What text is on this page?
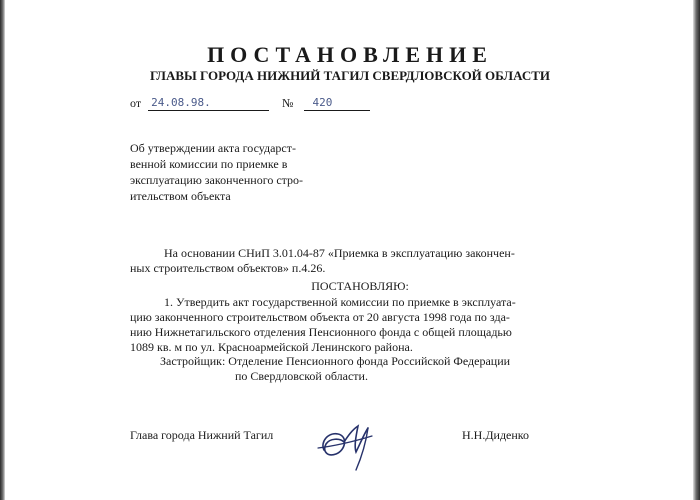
ПОСТАНОВЛЕНИЕ
ГЛАВЫ ГОРОДА НИЖНИЙ ТАГИЛ СВЕРДЛОВСКОЙ ОБЛАСТИ
от 24.08.98.	№ 420
Об утверждении акта государст-
венной комиссии по приемке в
эксплуатацию законченного стро-
ительством объекта
На основании СНиП 3.01.04-87 «Приемка в эксплуатацию закончен-
ных строительством объектов» п.4.26.
ПОСТАНОВЛЯЮ:
1. Утвердить акт государственной комиссии по приемке в эксплуата-
цию законченного строительством объекта от 20 августа 1998 года по зда-
нию Нижнетагильского отделения Пенсионного фонда с общей площадью
1089 кв. м по ул. Красноармейской Ленинского района.
Застройщик: Отделение Пенсионного фонда Российской Федерации
по Свердловской области.
Глава города Нижний Тагил	Н.Н.Диденко
